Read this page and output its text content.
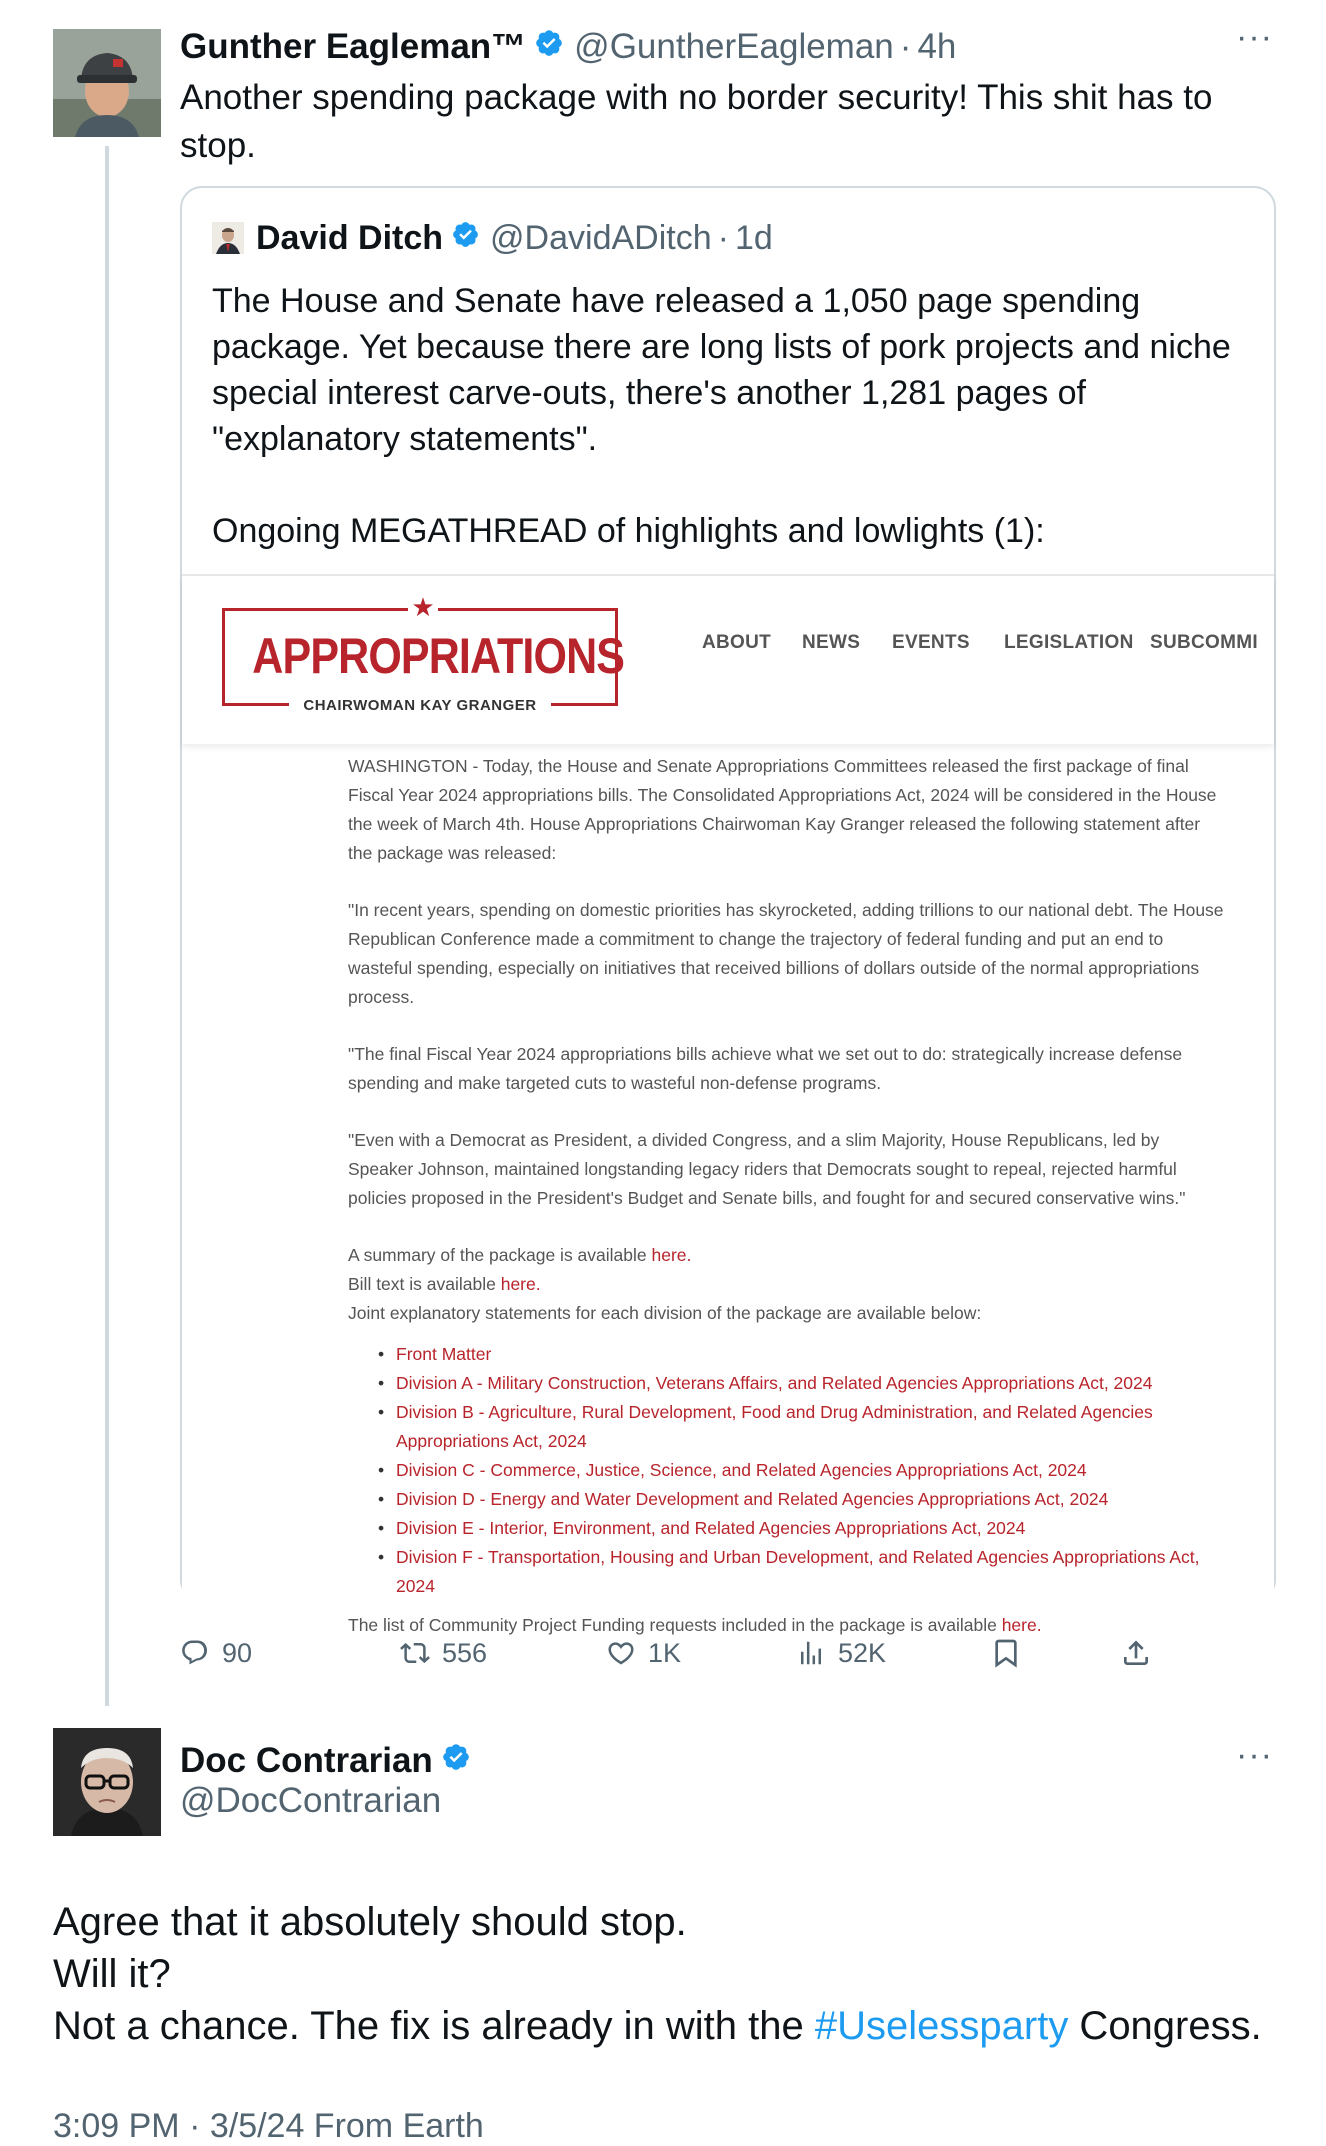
Gunther Eagleman™ @GuntherEagleman · 4h	···
Another spending package with no border security! This shit has to stop.
David Ditch @DavidADitch · 1d

The House and Senate have released a 1,050 page spending package. Yet because there are long lists of pork projects and niche special interest carve-outs, there's another 1,281 pages of "explanatory statements".

Ongoing MEGATHREAD of highlights and lowlights (1):

★
APPROPRIATIONS
CHAIRWOMAN KAY GRANGER
ABOUT NEWS EVENTS LEGISLATION SUBCOMMI

WASHINGTON - Today, the House and Senate Appropriations Committees released the first package of final Fiscal Year 2024 appropriations bills. The Consolidated Appropriations Act, 2024 will be considered in the House the week of March 4th. House Appropriations Chairwoman Kay Granger released the following statement after the package was released:

"In recent years, spending on domestic priorities has skyrocketed, adding trillions to our national debt. The House Republican Conference made a commitment to change the trajectory of federal funding and put an end to wasteful spending, especially on initiatives that received billions of dollars outside of the normal appropriations process.

"The final Fiscal Year 2024 appropriations bills achieve what we set out to do: strategically increase defense spending and make targeted cuts to wasteful non-defense programs.

"Even with a Democrat as President, a divided Congress, and a slim Majority, House Republicans, led by Speaker Johnson, maintained longstanding legacy riders that Democrats sought to repeal, rejected harmful policies proposed in the President's Budget and Senate bills, and fought for and secured conservative wins."

A summary of the package is available here.

Bill text is available here.

Joint explanatory statements for each division of the package are available below:

• Front Matter
• Division A - Military Construction, Veterans Affairs, and Related Agencies Appropriations Act, 2024
• Division B - Agriculture, Rural Development, Food and Drug Administration, and Related Agencies Appropriations Act, 2024
• Division C - Commerce, Justice, Science, and Related Agencies Appropriations Act, 2024
• Division D - Energy and Water Development and Related Agencies Appropriations Act, 2024
• Division E - Interior, Environment, and Related Agencies Appropriations Act, 2024
• Division F - Transportation, Housing and Urban Development, and Related Agencies Appropriations Act, 2024

The list of Community Project Funding requests included in the package is available here.

90	556	1K	52K
Doc Contrarian
@DocContrarian
···

Agree that it absolutely should stop.

Will it?

Not a chance. The fix is already in with the #Uselessparty Congress.

3:09 PM · 3/5/24 From Earth
